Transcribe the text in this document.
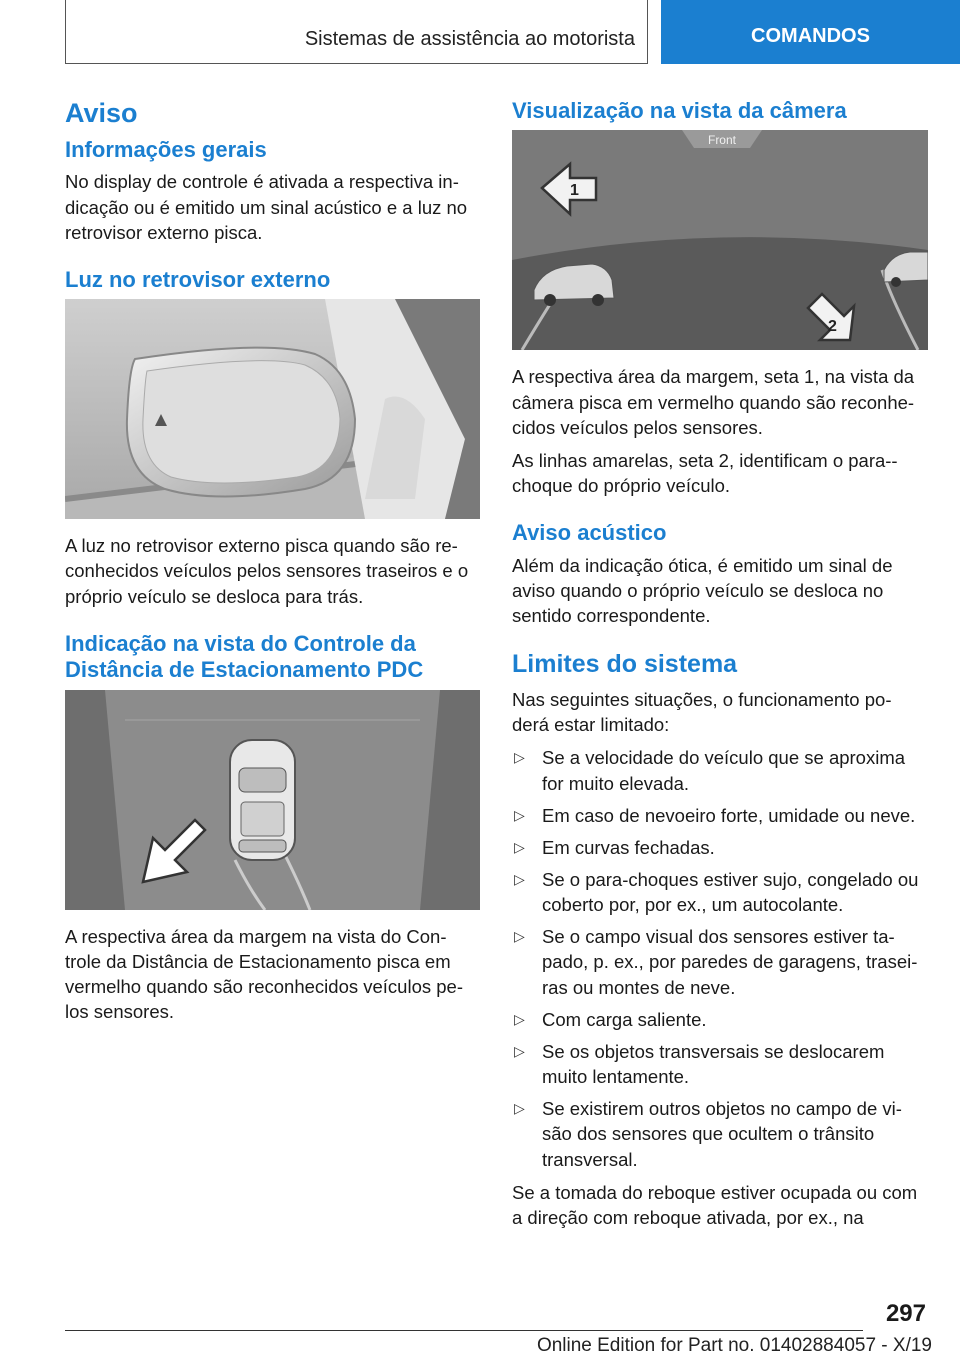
Sistemas de assistência ao motorista	COMANDOS
Aviso
Informações gerais

No display de controle é ativada a respectiva in-dicação ou é emitido um sinal acústico e a luz no retrovisor externo pisca.

Luz no retrovisor externo

A luz no retrovisor externo pisca quando são re-conhecidos veículos pelos sensores traseiros e o próprio veículo se desloca para trás.

Indicação na vista do Controle da Distância de Estacionamento PDC

A respectiva área da margem na vista do Con-trole da Distância de Estacionamento pisca em vermelho quando são reconhecidos veículos pe-los sensores.

Visualização na vista da câmera
Front
1
2

A respectiva área da margem, seta 1, na vista da câmera pisca em vermelho quando são reconhe-cidos veículos pelos sensores.

As linhas amarelas, seta 2, identificam o para--choque do próprio veículo.

Aviso acústico

Além da indicação ótica, é emitido um sinal de aviso quando o próprio veículo se desloca no sentido correspondente.

Limites do sistema

Nas seguintes situações, o funcionamento po-derá estar limitado:

▷ Se a velocidade do veículo que se aproxima for muito elevada.
▷ Em caso de nevoeiro forte, umidade ou neve.
▷ Em curvas fechadas.
▷ Se o para-choques estiver sujo, congelado ou coberto por, por ex., um autocolante.
▷ Se o campo visual dos sensores estiver ta-pado, p. ex., por paredes de garagens, trasei-ras ou montes de neve.
▷ Com carga saliente.
▷ Se os objetos transversais se deslocarem muito lentamente.
▷ Se existirem outros objetos no campo de vi-são dos sensores que ocultem o trânsito transversal.

Se a tomada do reboque estiver ocupada ou com a direção com reboque ativada, por ex., na

297
Online Edition for Part no. 01402884057 - X/19
